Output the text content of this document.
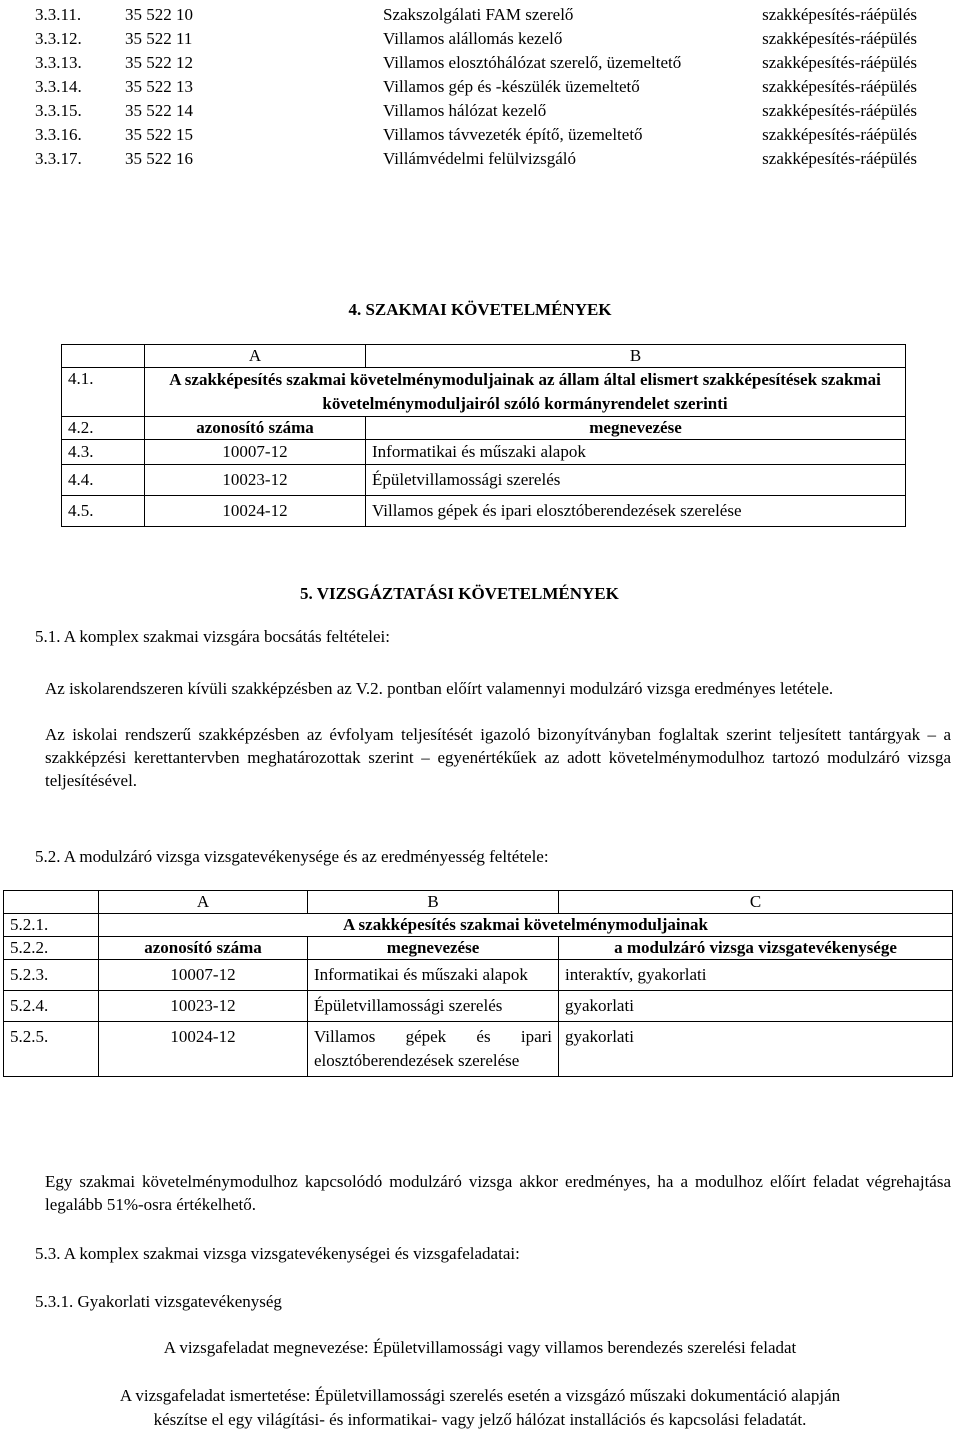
3.3.11.	35 522 10	Szakszolgálati FAM szerelő	szakképesítés-ráépülés
3.3.12.	35 522 11	Villamos alállomás kezelő	szakképesítés-ráépülés
3.3.13.	35 522 12	Villamos elosztóhálózat szerelő, üzemeltető	szakképesítés-ráépülés
3.3.14.	35 522 13	Villamos gép és -készülék üzemeltető	szakképesítés-ráépülés
3.3.15.	35 522 14	Villamos hálózat kezelő	szakképesítés-ráépülés
3.3.16.	35 522 15	Villamos távvezeték építő, üzemeltető	szakképesítés-ráépülés
3.3.17.	35 522 16	Villámvédelmi felülvizsgáló	szakképesítés-ráépülés
4. SZAKMAI KÖVETELMÉNYEK
	A	B
4.1.	A szakképesítés szakmai követelménymoduljainak az állam által elismert szakképesítések szakmai követelménymoduljairól szóló kormányrendelet szerinti	
4.2.	azonosító száma	megnevezése
4.3.	10007-12	Informatikai és műszaki alapok
4.4.	10023-12	Épületvillamossági szerelés
4.5.	10024-12	Villamos gépek és ipari elosztóberendezések szerelése
5. VIZSGÁZTATÁSI KÖVETELMÉNYEK
5.1. A komplex szakmai vizsgára bocsátás feltételei:
Az iskolarendszeren kívüli szakképzésben az V.2. pontban előírt valamennyi modulzáró vizsga eredményes letétele.
Az iskolai rendszerű szakképzésben az évfolyam teljesítését igazoló bizonyítványban foglaltak szerint teljesített tantárgyak – a szakképzési kerettantervben meghatározottak szerint – egyenértékűek az adott követelménymodulhoz tartozó modulzáró vizsga teljesítésével.
5.2. A modulzáró vizsga vizsgatevékenysége és az eredményesség feltétele:
	A	B	C
5.2.1.	A szakképesítés szakmai követelménymoduljainak		
5.2.2.	azonosító száma	megnevezése	a modulzáró vizsga vizsgatevékenysége
5.2.3.	10007-12	Informatikai és műszaki alapok	interaktív, gyakorlati
5.2.4.	10023-12	Épületvillamossági szerelés	gyakorlati
5.2.5.	10024-12	Villamos gépek és ipari elosztóberendezések szerelése	gyakorlati
Egy szakmai követelménymodulhoz kapcsolódó modulzáró vizsga akkor eredményes, ha a modulhoz előírt feladat végrehajtása legalább 51%-osra értékelhető.
5.3. A komplex szakmai vizsga vizsgatevékenységei és vizsgafeladatai:
5.3.1. Gyakorlati vizsgatevékenység
A vizsgafeladat megnevezése: Épületvillamossági vagy villamos berendezés szerelési feladat
A vizsgafeladat ismertetése: Épületvillamossági szerelés esetén a vizsgázó műszaki dokumentáció alapján
készítse el egy világítási- és informatikai- vagy jelző hálózat installációs és kapcsolási feladatát.
